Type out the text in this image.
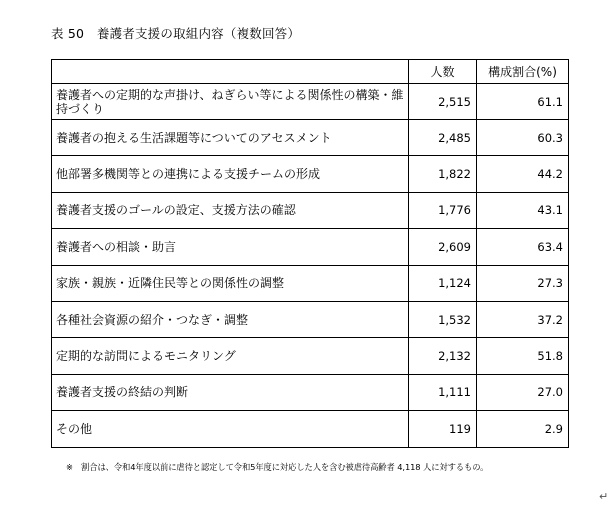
表 50　養護者支援の取組内容（複数回答）
	人数	構成割合(%)
養護者への定期的な声掛け、ねぎらい等による関係性の構築・維持づくり	2,515	61.1
養護者の抱える生活課題等についてのアセスメント	2,485	60.3
他部署多機関等との連携による支援チームの形成	1,822	44.2
養護者支援のゴールの設定、支援方法の確認	1,776	43.1
養護者への相談・助言	2,609	63.4
家族・親族・近隣住民等との関係性の調整	1,124	27.3
各種社会資源の紹介・つなぎ・調整	1,532	37.2
定期的な訪問によるモニタリング	2,132	51.8
養護者支援の終結の判断	1,111	27.0
その他	119	2.9
※　割合は、令和4年度以前に虐待と認定して令和5年度に対応した人を含む被虐待高齢者 4,118 人に対するもの。
↵
